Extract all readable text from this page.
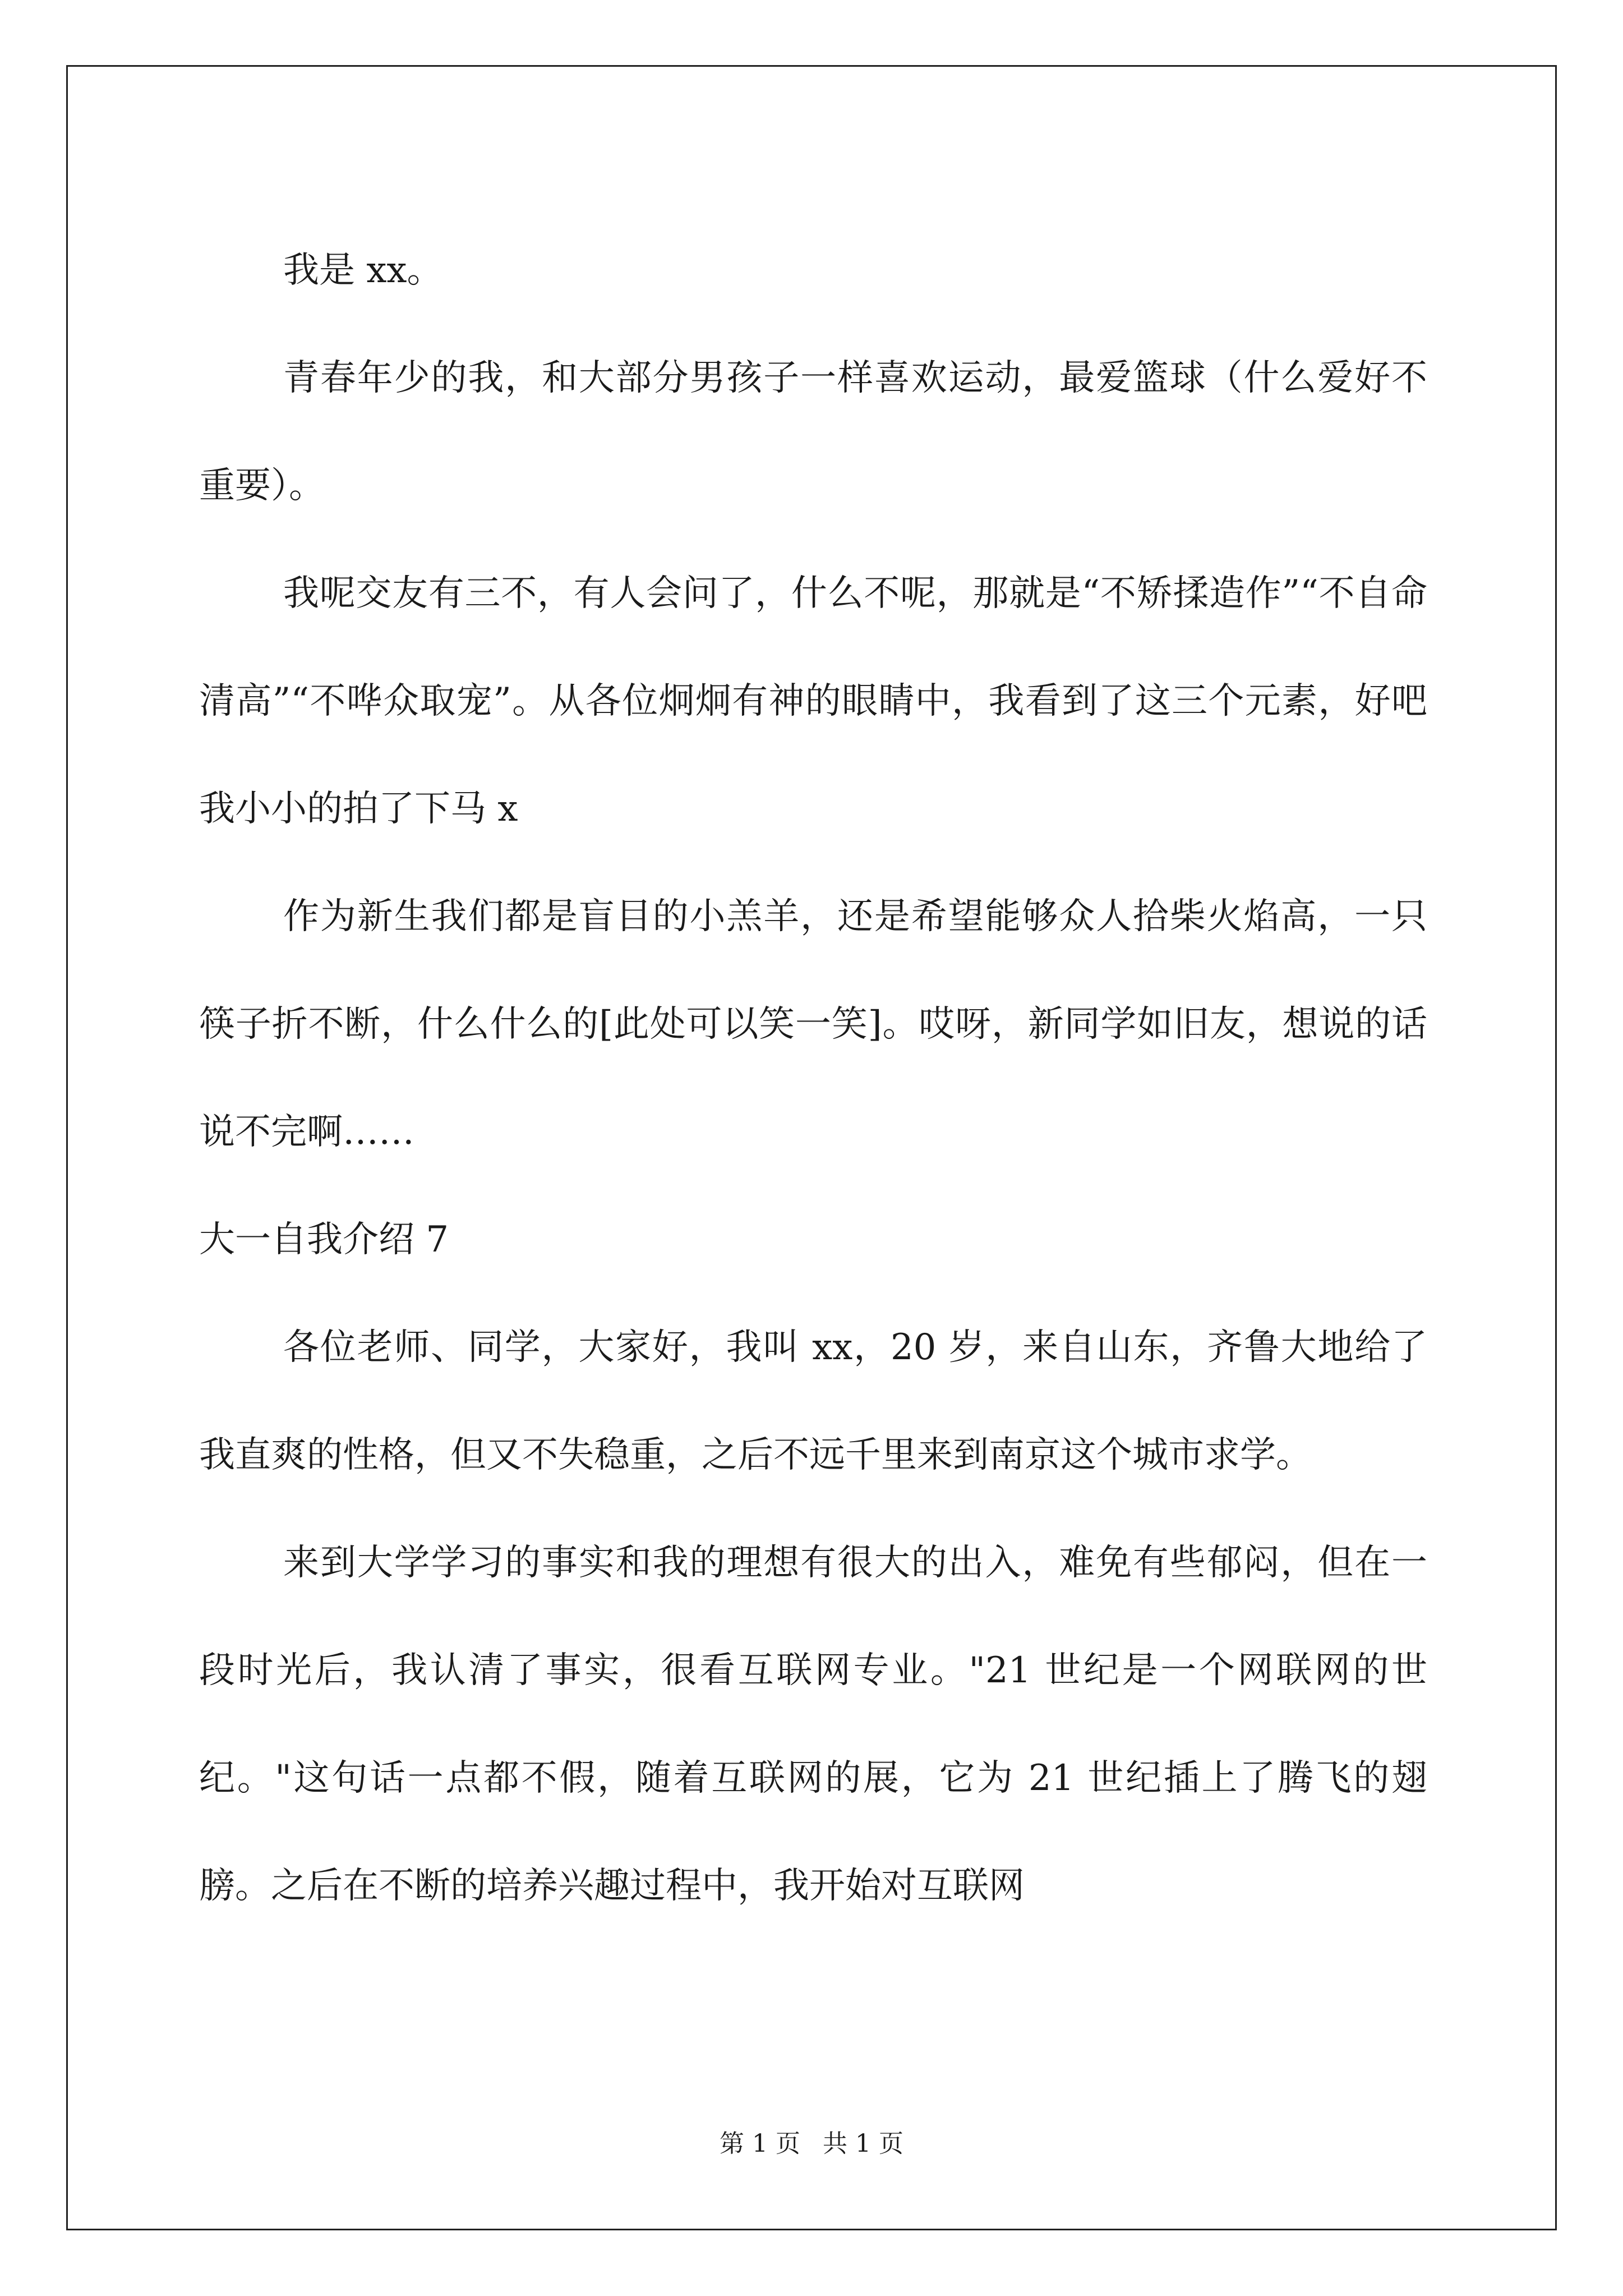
我是 xx。

青春年少的我，和大部分男孩子一样喜欢运动，最爱篮球（什么爱好不重要）。

我呢交友有三不，有人会问了，什么不呢，那就是“不矫揉造作”“不自命清高”“不哗众取宠”。从各位炯炯有神的眼睛中，我看到了这三个元素，好吧我小小的拍了下马 x

作为新生我们都是盲目的小羔羊，还是希望能够众人拾柴火焰高，一只筷子折不断，什么什么的[此处可以笑一笑]。哎呀，新同学如旧友，想说的话说不完啊……

大一自我介绍 7

各位老师、同学，大家好，我叫 xx，20 岁，来自山东，齐鲁大地给了我直爽的性格，但又不失稳重，之后不远千里来到南京这个城市求学。

来到大学学习的事实和我的理想有很大的出入，难免有些郁闷，但在一段时光后，我认清了事实，很看互联网专业。"21 世纪是一个网联网的世纪。"这句话一点都不假，随着互联网的展，它为 21 世纪插上了腾飞的翅膀。之后在不断的培养兴趣过程中，我开始对互联网

第 1 页 共 1 页
